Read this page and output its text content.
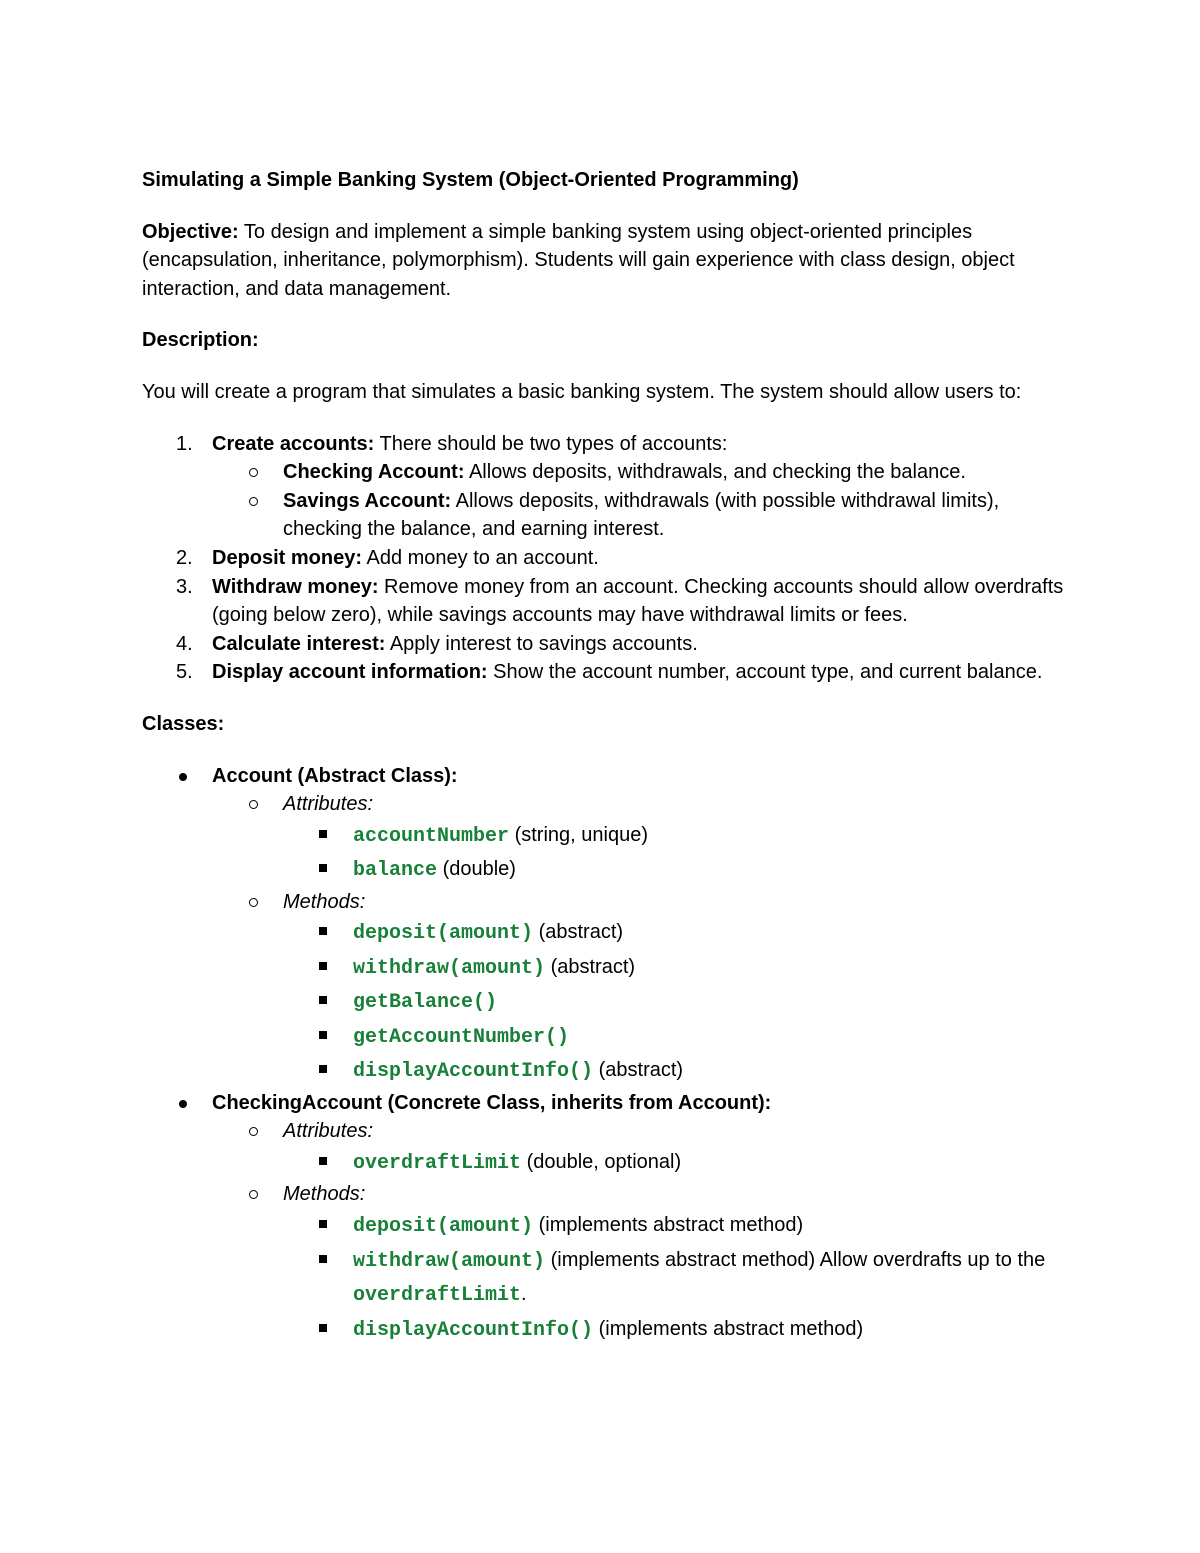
Simulating a Simple Banking System (Object-Oriented Programming)

Objective: To design and implement a simple banking system using object-oriented principles (encapsulation, inheritance, polymorphism). Students will gain experience with class design, object interaction, and data management.

Description:

You will create a program that simulates a basic banking system. The system should allow users to:

1. Create accounts: There should be two types of accounts:
Checking Account: Allows deposits, withdrawals, and checking the balance.
Savings Account: Allows deposits, withdrawals (with possible withdrawal limits), checking the balance, and earning interest.
2. Deposit money: Add money to an account.
3. Withdraw money: Remove money from an account. Checking accounts should allow overdrafts (going below zero), while savings accounts may have withdrawal limits or fees.
4. Calculate interest: Apply interest to savings accounts.
5. Display account information: Show the account number, account type, and current balance.

Classes:

Account (Abstract Class):
Attributes:
accountNumber (string, unique)
balance (double)
Methods:
deposit(amount) (abstract)
withdraw(amount) (abstract)
getBalance()
getAccountNumber()
displayAccountInfo() (abstract)
CheckingAccount (Concrete Class, inherits from Account):
Attributes:
overdraftLimit (double, optional)
Methods:
deposit(amount) (implements abstract method)
withdraw(amount) (implements abstract method) Allow overdrafts up to the overdraftLimit.
displayAccountInfo() (implements abstract method)
